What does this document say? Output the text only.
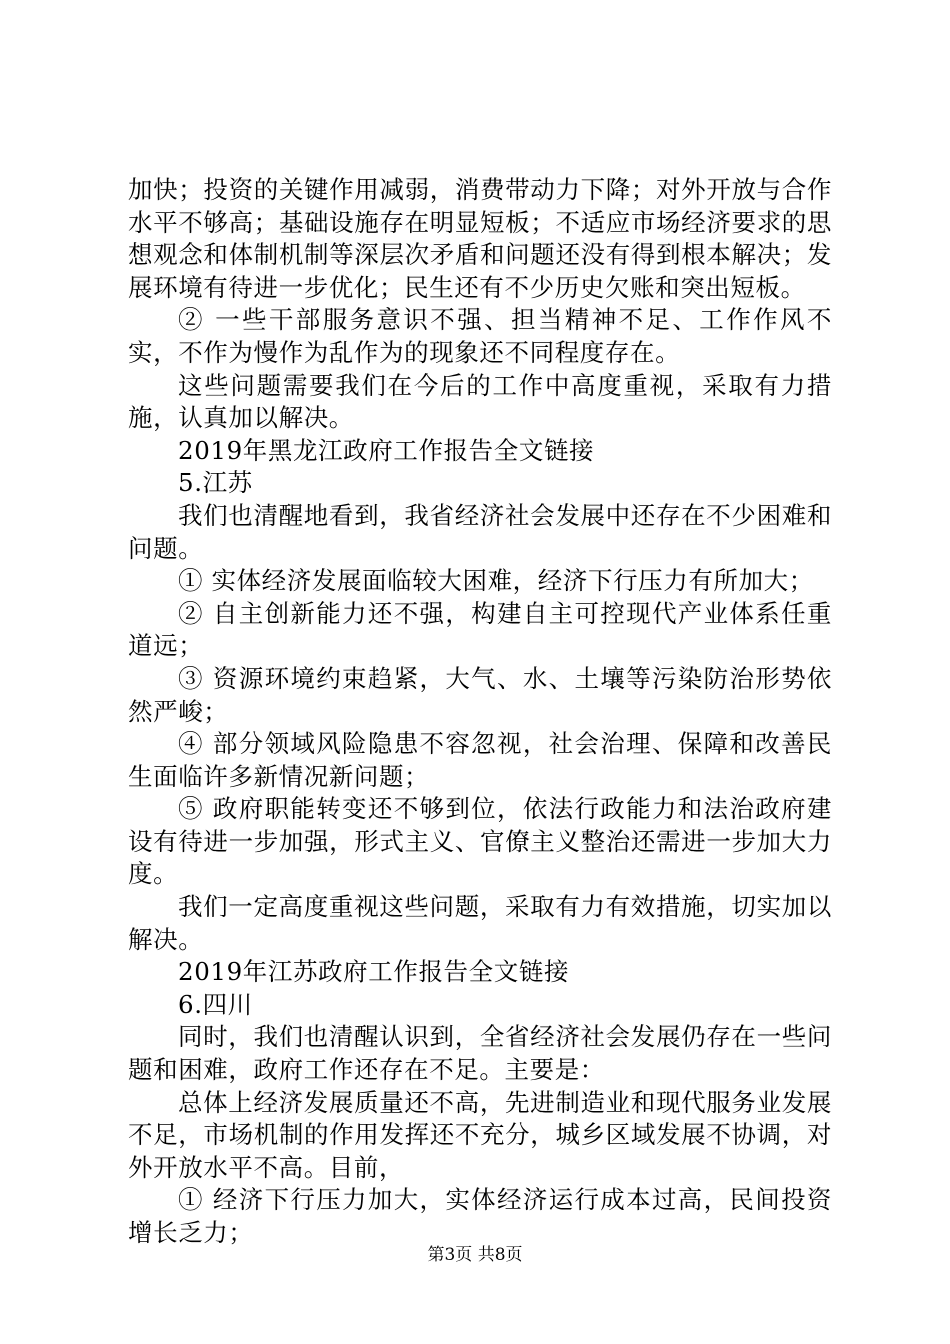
加快；投资的关键作用减弱，消费带动力下降；对外开放与合作水平不够高；基础设施存在明显短板；不适应市场经济要求的思想观念和体制机制等深层次矛盾和问题还没有得到根本解决；发展环境有待进一步优化；民生还有不少历史欠账和突出短板。

② 一些干部服务意识不强、担当精神不足、工作作风不实，不作为慢作为乱作为的现象还不同程度存在。

这些问题需要我们在今后的工作中高度重视，采取有力措施，认真加以解决。

2019年黑龙江政府工作报告全文链接

5.江苏

我们也清醒地看到，我省经济社会发展中还存在不少困难和问题。

① 实体经济发展面临较大困难，经济下行压力有所加大；

② 自主创新能力还不强，构建自主可控现代产业体系任重道远；

③ 资源环境约束趋紧，大气、水、土壤等污染防治形势依然严峻；

④ 部分领域风险隐患不容忽视，社会治理、保障和改善民生面临许多新情况新问题；

⑤ 政府职能转变还不够到位，依法行政能力和法治政府建设有待进一步加强，形式主义、官僚主义整治还需进一步加大力度。

我们一定高度重视这些问题，采取有力有效措施，切实加以解决。

2019年江苏政府工作报告全文链接

6.四川

同时，我们也清醒认识到，全省经济社会发展仍存在一些问题和困难，政府工作还存在不足。主要是：

总体上经济发展质量还不高，先进制造业和现代服务业发展不足，市场机制的作用发挥还不充分，城乡区域发展不协调，对外开放水平不高。目前，

① 经济下行压力加大，实体经济运行成本过高，民间投资增长乏力；

第3页 共8页
